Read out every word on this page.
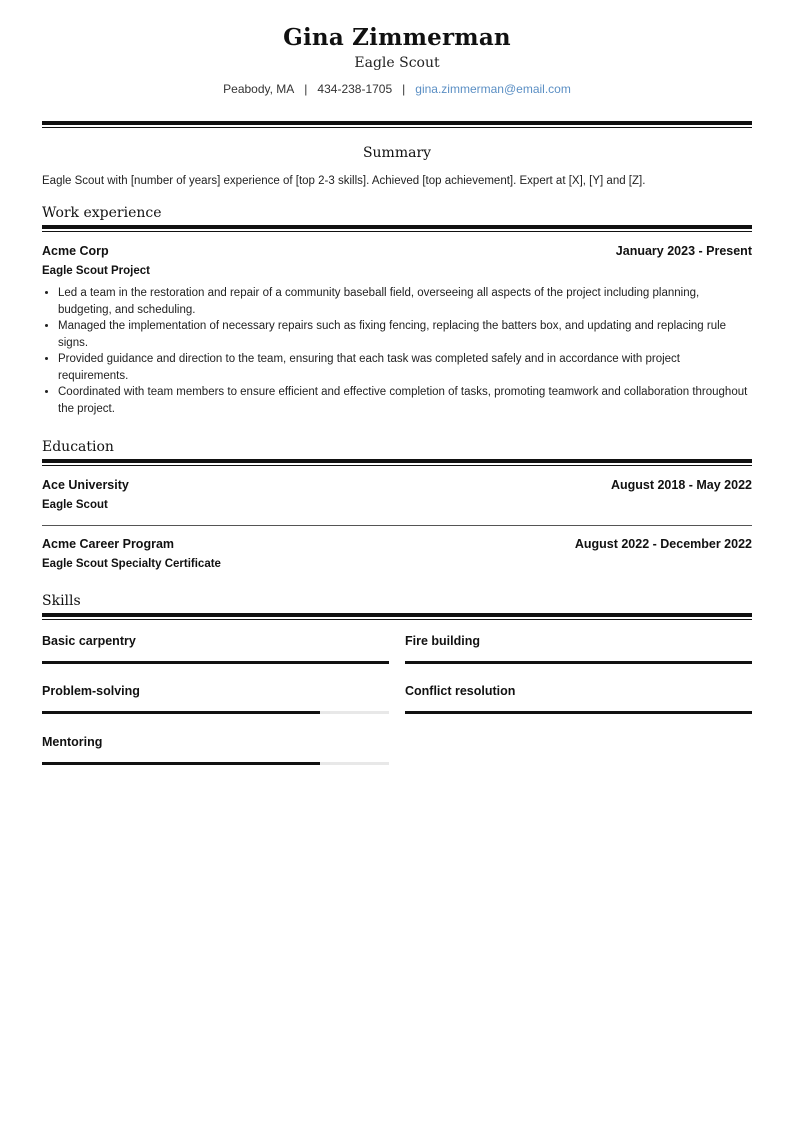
Gina Zimmerman
Eagle Scout
Peabody, MA | 434-238-1705 | gina.zimmerman@email.com
Summary
Eagle Scout with [number of years] experience of [top 2-3 skills]. Achieved [top achievement]. Expert at [X], [Y] and [Z].
Work experience
Acme Corp	January 2023 - Present
Eagle Scout Project
• Led a team in the restoration and repair of a community baseball field, overseeing all aspects of the project including planning, budgeting, and scheduling.
• Managed the implementation of necessary repairs such as fixing fencing, replacing the batters box, and updating and replacing rule signs.
• Provided guidance and direction to the team, ensuring that each task was completed safely and in accordance with project requirements.
• Coordinated with team members to ensure efficient and effective completion of tasks, promoting teamwork and collaboration throughout the project.
Education
Ace University	August 2018 - May 2022
Eagle Scout
Acme Career Program	August 2022 - December 2022
Eagle Scout Specialty Certificate
Skills
Basic carpentry	Fire building
Problem-solving	Conflict resolution
Mentoring
